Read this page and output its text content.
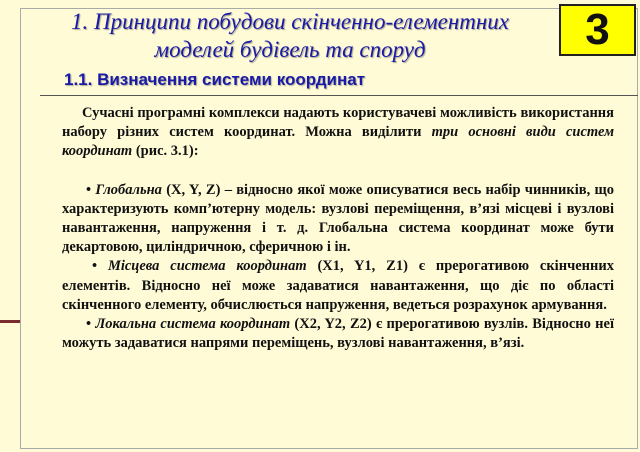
1. Принципи побудови скінченно-елементних
моделей будівель та споруд	3
1.1. Визначення системи координат

Сучасні програмні комплекси надають користувачеві можливість використання набору різних систем координат. Можна виділити три основні види систем координат (рис. 3.1):

• Глобальна (X, Y, Z) – відносно якої може описуватися весь набір чинників, що характеризують комп’ютерну модель: вузлові переміщення, в’язі місцеві і вузлові навантаження, напруження і т. д. Глобальна система координат може бути декартовою, циліндричною, сферичною і ін.

• Місцева система координат (X1, Y1, Z1) є прерогативою скінченних елементів. Відносно неї може задаватися навантаження, що діє по області скінченного елементу, обчислюється напруження, ведеться розрахунок армування.

• Локальна система координат (X2, Y2, Z2) є прерогативою вузлів. Відносно неї можуть задаватися напрями переміщень, вузлові навантаження, в’язі.
